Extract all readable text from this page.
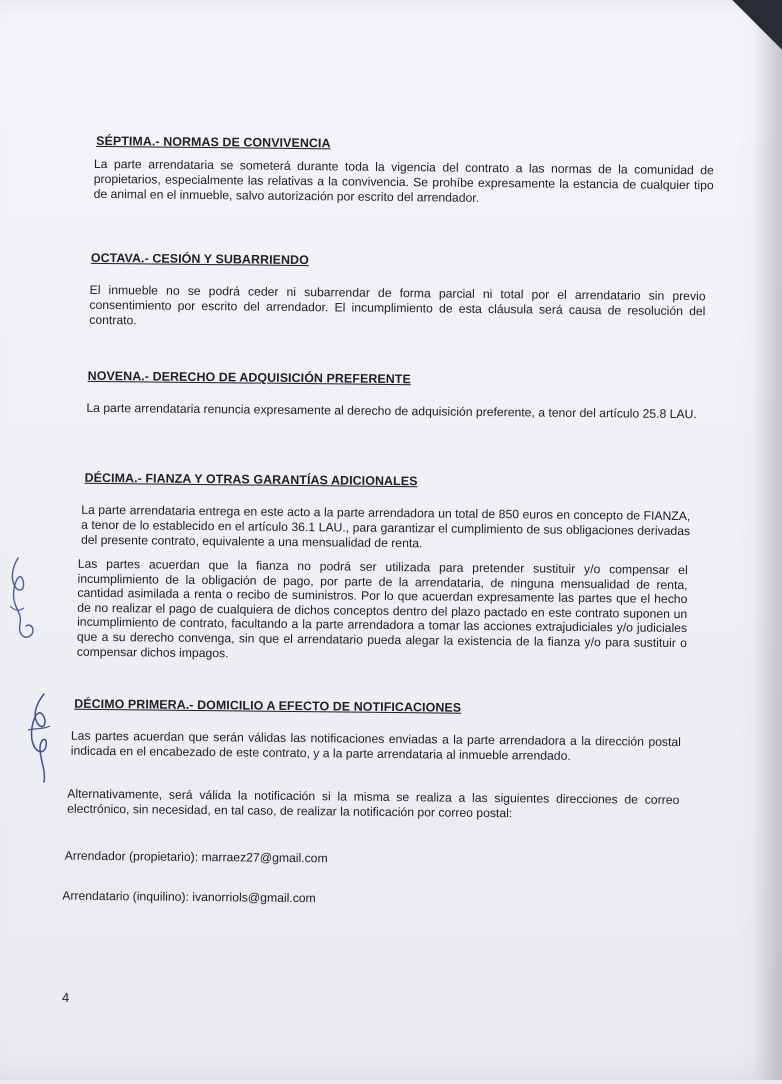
SÉPTIMA.- NORMAS DE CONVIVENCIA
La parte arrendataria se someterá durante toda la vigencia del contrato a las normas de la comunidad de propietarios, especialmente las relativas a la convivencia. Se prohíbe expresamente la estancia de cualquier tipo de animal en el inmueble, salvo autorización por escrito del arrendador.
OCTAVA.- CESIÓN Y SUBARRIENDO
El inmueble no se podrá ceder ni subarrendar de forma parcial ni total por el arrendatario sin previo consentimiento por escrito del arrendador. El incumplimiento de esta cláusula será causa de resolución del contrato.
NOVENA.- DERECHO DE ADQUISICIÓN PREFERENTE
La parte arrendataria renuncia expresamente al derecho de adquisición preferente, a tenor del artículo 25.8 LAU.
DÉCIMA.- FIANZA Y OTRAS GARANTÍAS ADICIONALES
La parte arrendataria entrega en este acto a la parte arrendadora un total de 850 euros en concepto de FIANZA, a tenor de lo establecido en el artículo 36.1 LAU., para garantizar el cumplimiento de sus obligaciones derivadas del presente contrato, equivalente a una mensualidad de renta.
Las partes acuerdan que la fianza no podrá ser utilizada para pretender sustituir y/o compensar el incumplimiento de la obligación de pago, por parte de la arrendataria, de ninguna mensualidad de renta, cantidad asimilada a renta o recibo de suministros. Por lo que acuerdan expresamente las partes que el hecho de no realizar el pago de cualquiera de dichos conceptos dentro del plazo pactado en este contrato suponen un incumplimiento de contrato, facultando a la parte arrendadora a tomar las acciones extrajudiciales y/o judiciales que a su derecho convenga, sin que el arrendatario pueda alegar la existencia de la fianza y/o para sustituir o compensar dichos impagos.
DÉCIMO PRIMERA.- DOMICILIO A EFECTO DE NOTIFICACIONES
Las partes acuerdan que serán válidas las notificaciones enviadas a la parte arrendadora a la dirección postal indicada en el encabezado de este contrato, y a la parte arrendataria al inmueble arrendado.
Alternativamente, será válida la notificación si la misma se realiza a las siguientes direcciones de correo electrónico, sin necesidad, en tal caso, de realizar la notificación por correo postal:
Arrendador (propietario): marraez27@gmail.com
Arrendatario (inquilino): ivanorriols@gmail.com
4
